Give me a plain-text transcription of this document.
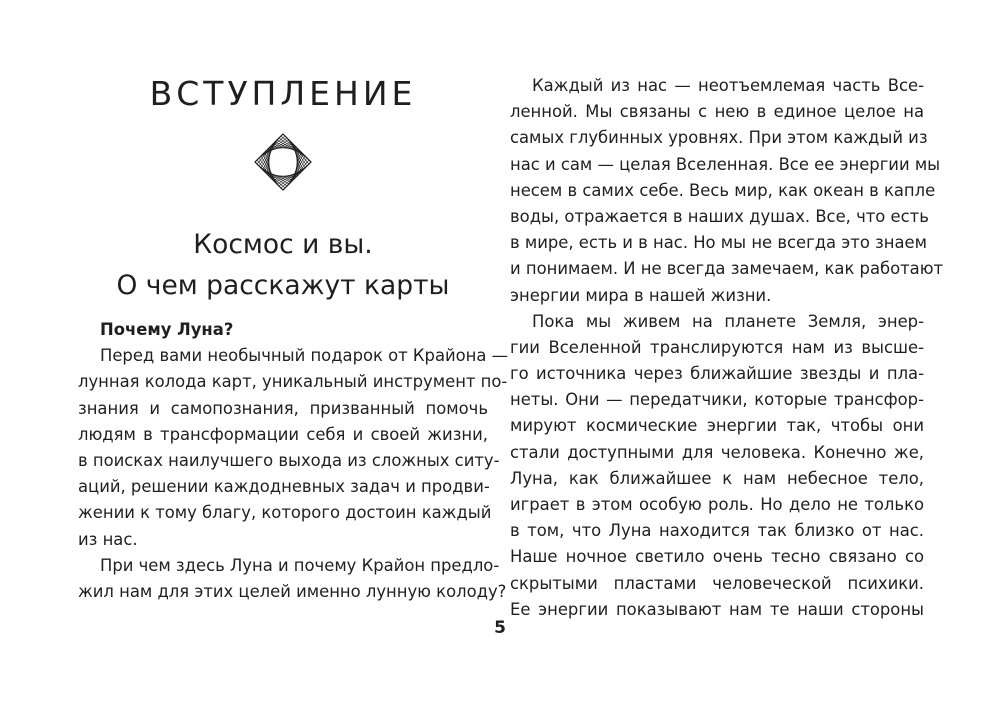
ВСТУПЛЕНИЕ
Космос и вы.
О чем расскажут карты
Почему Луна?
Перед вами необычный подарок от Крайона —
лунная колода карт, уникальный инструмент по-
знания и самопознания, призванный помочь
людям в трансформации себя и своей жизни,
в поисках наилучшего выхода из сложных ситу-
аций, решении каждодневных задач и продви-
жении к тому благу, которого достоин каждый
из нас.
При чем здесь Луна и почему Крайон предло-
жил нам для этих целей именно лунную колоду?
Каждый из нас — неотъемлемая часть Все-
ленной. Мы связаны с нею в единое целое на
самых глубинных уровнях. При этом каждый из
нас и сам — целая Вселенная. Все ее энергии мы
несем в самих себе. Весь мир, как океан в капле
воды, отражается в наших душах. Все, что есть
в мире, есть и в нас. Но мы не всегда это знаем
и понимаем. И не всегда замечаем, как работают
энергии мира в нашей жизни.
Пока мы живем на планете Земля, энер-
гии Вселенной транслируются нам из высше-
го источника через ближайшие звезды и пла-
неты. Они — передатчики, которые трансфор-
мируют космические энергии так, чтобы они
стали доступными для человека. Конечно же,
Луна, как ближайшее к нам небесное тело,
играет в этом особую роль. Но дело не только
в том, что Луна находится так близко от нас.
Наше ночное светило очень тесно связано со
скрытыми пластами человеческой психики.
Ее энергии показывают нам те наши стороны
5
